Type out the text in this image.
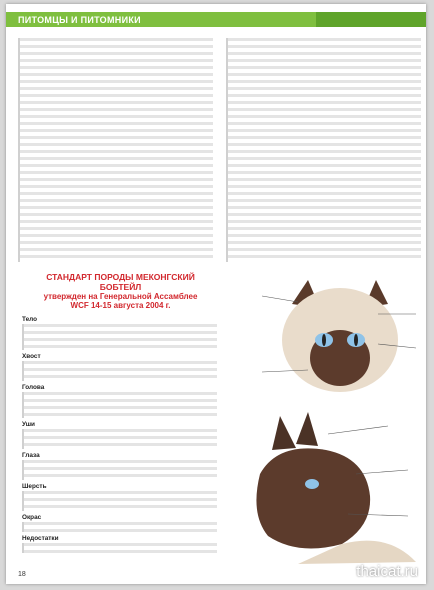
ПИТОМЦЫ И ПИТОМНИКИ
СТАНДАРТ ПОРОДЫ МЕКОНГСКИЙ
БОБТЕЙЛ
утвержден на Генеральной Ассамблее
WCF 14-15 августа 2004 г.
Тело
Хвост
Голова
Уши
Глаза
Шерсть
Окрас
Недостатки
18	thaicat.ru
